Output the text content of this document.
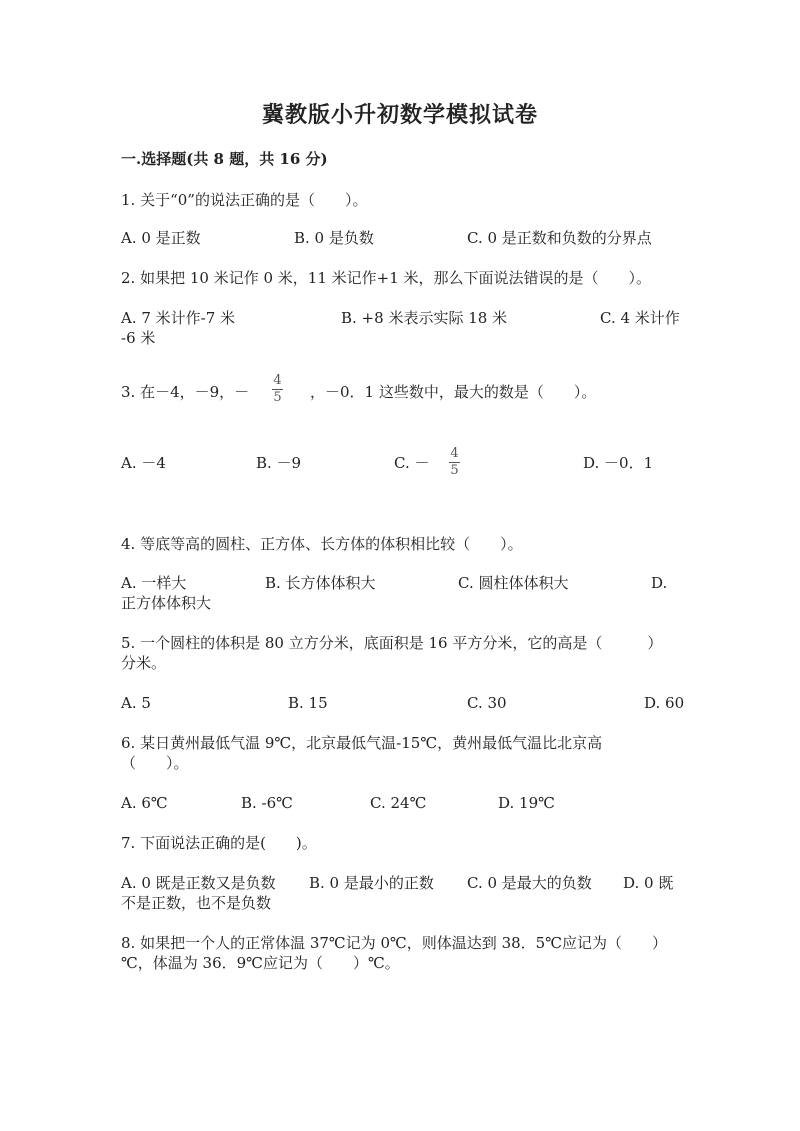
冀教版小升初数学模拟试卷
一.选择题(共 8 题，共 16 分)
1. 关于“0”的说法正确的是（　　）。
A. 0 是正数	B. 0 是负数	C. 0 是正数和负数的分界点
2. 如果把 10 米记作 0 米，11 米记作+1 米，那么下面说法错误的是（　　）。
A. 7 米计作-7 米	B. +8 米表示实际 18 米	C. 4 米计作
-6 米
3. 在－4，－9，－
4
5 ，－0．1 这些数中，最大的数是（　　）。
A. －4	B. －9	C. －
4
5	D. －0．1
4. 等底等高的圆柱、正方体、长方体的体积相比较（　　）。
A. 一样大	B. 长方体体积大	C. 圆柱体体积大	D.
正方体体积大
5. 一个圆柱的体积是 80 立方分米，底面积是 16 平方分米，它的高是（　　　）
分米。
A. 5	B. 15	C. 30	D. 60
6. 某日黄州最低气温 9℃，北京最低气温-15℃，黄州最低气温比北京高
（　　）。
A. 6℃	B. -6℃	C. 24℃	D. 19℃
7. 下面说法正确的是(　　)。
A. 0 既是正数又是负数 B. 0 是最小的正数 C. 0 是最大的负数 D. 0 既
不是正数，也不是负数
8. 如果把一个人的正常体温 37℃记为 0℃，则体温达到 38．5℃应记为（　　）
℃，体温为 36．9℃应记为（　　）℃。
